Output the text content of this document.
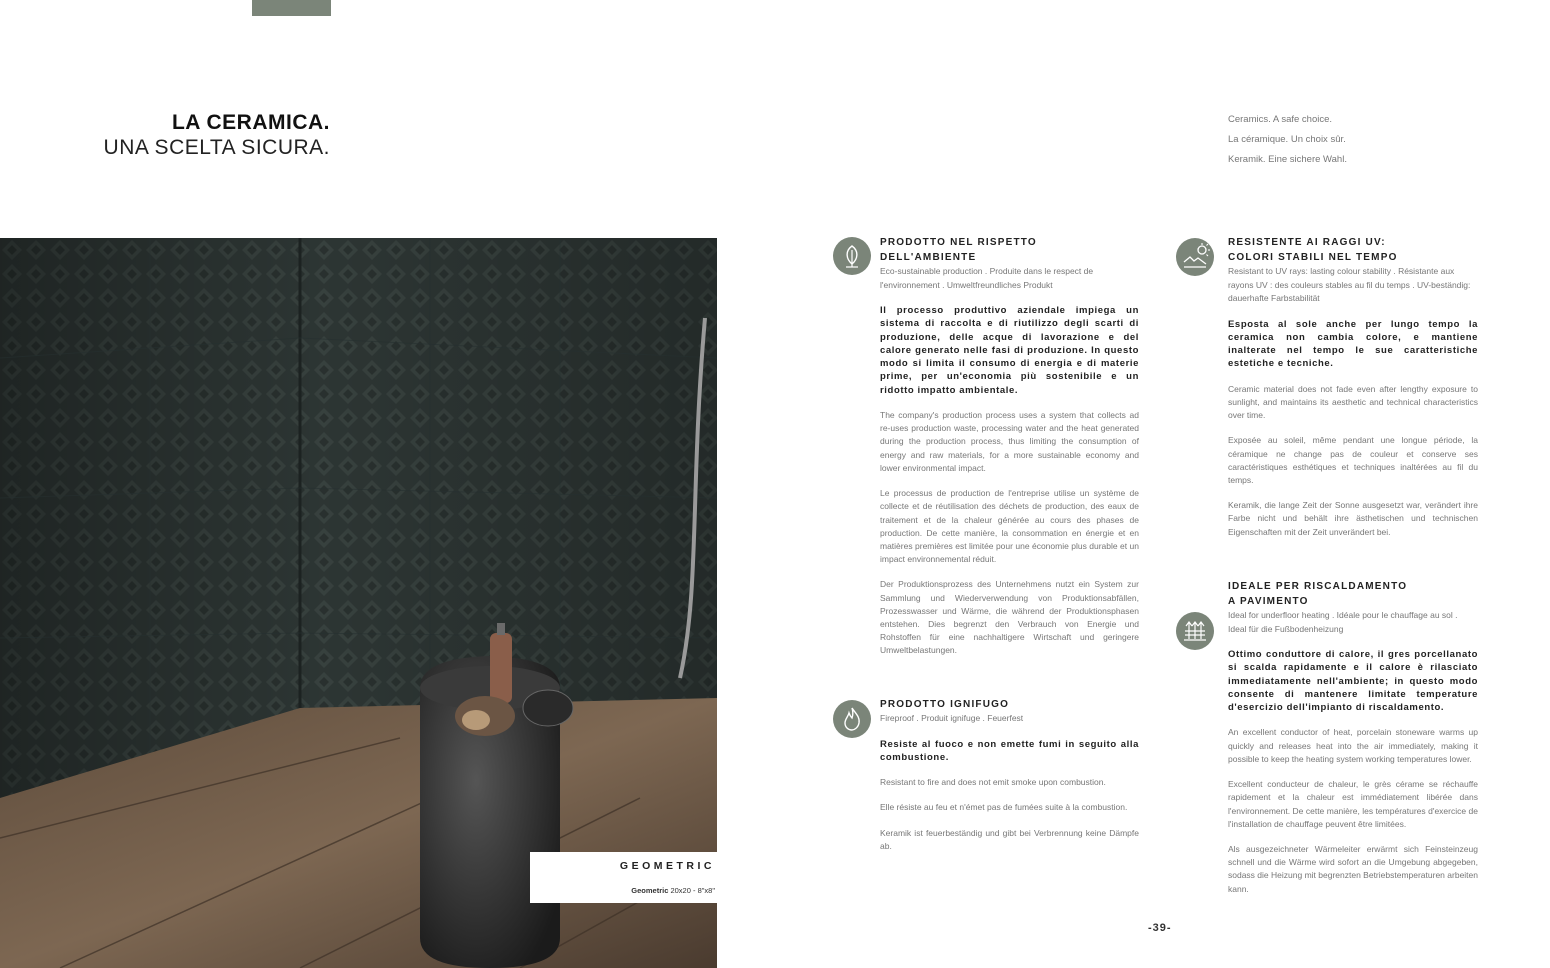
LA CERAMICA.
UNA SCELTA SICURA.
Ceramics. A safe choice.
La céramique. Un choix sûr.
Keramik. Eine sichere Wahl.
GEOMETRIC
Geometric 20x20 - 8"x8"
PRODOTTO NEL RISPETTO
DELL'AMBIENTE
Eco-sustainable production . Produite dans le respect de l'environnement . Umweltfreundliches Produkt
Il processo produttivo aziendale impiega un sistema di raccolta e di riutilizzo degli scarti di produzione, delle acque di lavorazione e del calore generato nelle fasi di produzione. In questo modo si limita il consumo di energia e di materie prime, per un'economia più sostenibile e un ridotto impatto ambientale.
The company's production process uses a system that collects ad re-uses production waste, processing water and the heat generated during the production process, thus limiting the consumption of energy and raw materials, for a more sustainable economy and lower environmental impact.
Le processus de production de l'entreprise utilise un système de collecte et de réutilisation des déchets de production, des eaux de traitement et de la chaleur générée au cours des phases de production. De cette manière, la consommation en énergie et en matières premières est limitée pour une économie plus durable et un impact environnemental réduit.
Der Produktionsprozess des Unternehmens nutzt ein System zur Sammlung und Wiederverwendung von Produktionsabfällen, Prozesswasser und Wärme, die während der Produktionsphasen entstehen. Dies begrenzt den Verbrauch von Energie und Rohstoffen für eine nachhaltigere Wirtschaft und geringere Umweltbelastungen.
PRODOTTO IGNIFUGO
Fireproof . Produit ignifuge . Feuerfest
Resiste al fuoco e non emette fumi in seguito alla combustione.
Resistant to fire and does not emit smoke upon combustion.
Elle résiste au feu et n'émet pas de fumées suite à la combustion.
Keramik ist feuerbeständig und gibt bei Verbrennung keine Dämpfe ab.
RESISTENTE AI RAGGI UV:
COLORI STABILI NEL TEMPO
Resistant to UV rays: lasting colour stability . Résistante aux rayons UV : des couleurs stables au fil du temps . UV-beständig: dauerhafte Farbstabilität
Esposta al sole anche per lungo tempo la ceramica non cambia colore, e mantiene inalterate nel tempo le sue caratteristiche estetiche e tecniche.
Ceramic material does not fade even after lengthy exposure to sunlight, and maintains its aesthetic and technical characteristics over time.
Exposée au soleil, même pendant une longue période, la céramique ne change pas de couleur et conserve ses caractéristiques esthétiques et techniques inaltérées au fil du temps.
Keramik, die lange Zeit der Sonne ausgesetzt war, verändert ihre Farbe nicht und behält ihre ästhetischen und technischen Eigenschaften mit der Zeit unverändert bei.
IDEALE PER RISCALDAMENTO
A PAVIMENTO
Ideal for underfloor heating . Idéale pour le chauffage au sol . Ideal für die Fußbodenheizung
Ottimo conduttore di calore, il gres porcellanato si scalda rapidamente e il calore è rilasciato immediatamente nell'ambiente; in questo modo consente di mantenere limitate temperature d'esercizio dell'impianto di riscaldamento.
An excellent conductor of heat, porcelain stoneware warms up quickly and releases heat into the air immediately, making it possible to keep the heating system working temperatures lower.
Excellent conducteur de chaleur, le grès cérame se réchauffe rapidement et la chaleur est immédiatement libérée dans l'environnement. De cette manière, les températures d'exercice de l'installation de chauffage peuvent être limitées.
Als ausgezeichneter Wärmeleiter erwärmt sich Feinsteinzeug schnell und die Wärme wird sofort an die Umgebung abgegeben, sodass die Heizung mit begrenzten Betriebstemperaturen arbeiten kann.
-39-
